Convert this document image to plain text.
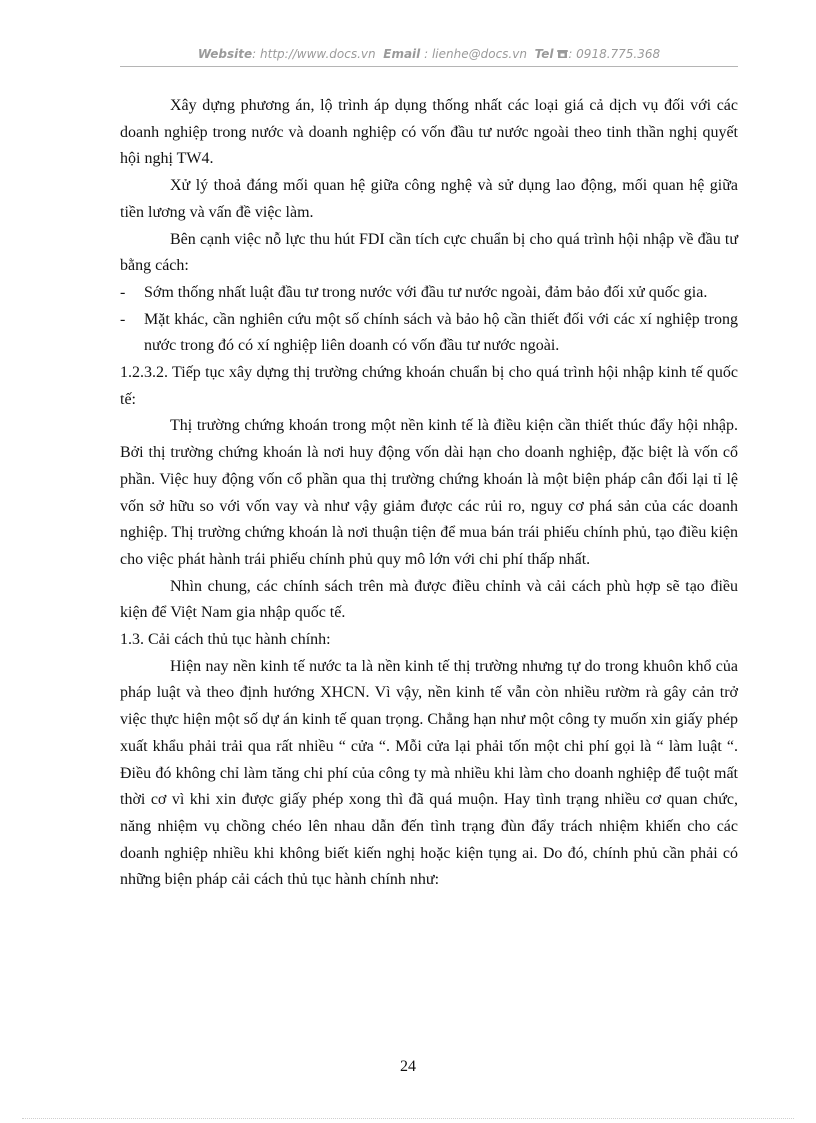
Website: http://www.docs.vn Email : lienhe@docs.vn Tel : 0918.775.368

Xây dựng phương án, lộ trình áp dụng thống nhất các loại giá cả dịch vụ đối với các doanh nghiệp trong nước và doanh nghiệp có vốn đầu tư nước ngoài theo tinh thần nghị quyết hội nghị TW4.

Xử lý thoả đáng mối quan hệ giữa công nghệ và sử dụng lao động, mối quan hệ giữa tiền lương và vấn đề việc làm.

Bên cạnh việc nỗ lực thu hút FDI cần tích cực chuẩn bị cho quá trình hội nhập về đầu tư bằng cách:

- Sớm thống nhất luật đầu tư trong nước với đầu tư nước ngoài, đảm bảo đối xử quốc gia.

- Mặt khác, cần nghiên cứu một số chính sách và bảo hộ cần thiết đối với các xí nghiệp trong nước trong đó có xí nghiệp liên doanh có vốn đầu tư nước ngoài.

1.2.3.2. Tiếp tục xây dựng thị trường chứng khoán chuẩn bị cho quá trình hội nhập kinh tế quốc tế:

Thị trường chứng khoán trong một nền kinh tế là điều kiện cần thiết thúc đẩy hội nhập. Bởi thị trường chứng khoán là nơi huy động vốn dài hạn cho doanh nghiệp, đặc biệt là vốn cổ phần. Việc huy động vốn cổ phần qua thị trường chứng khoán là một biện pháp cân đối lại tỉ lệ vốn sở hữu so với vốn vay và như vậy giảm được các rủi ro, nguy cơ phá sản của các doanh nghiệp. Thị trường chứng khoán là nơi thuận tiện để mua bán trái phiếu chính phủ, tạo điều kiện cho việc phát hành trái phiếu chính phủ quy mô lớn với chi phí thấp nhất.

Nhìn chung, các chính sách trên mà được điều chỉnh và cải cách phù hợp sẽ tạo điều kiện để Việt Nam gia nhập quốc tế.

1.3. Cải cách thủ tục hành chính:

Hiện nay nền kinh tế nước ta là nền kinh tế thị trường nhưng tự do trong khuôn khổ của pháp luật và theo định hướng XHCN. Vì vậy, nền kinh tế vẫn còn nhiều rườm rà gây cản trở việc thực hiện một số dự án kinh tế quan trọng. Chẳng hạn như một công ty muốn xin giấy phép xuất khẩu phải trải qua rất nhiều “ cửa “. Mỗi cửa lại phải tốn một chi phí gọi là “ làm luật “. Điều đó không chỉ làm tăng chi phí của công ty mà nhiều khi làm cho doanh nghiệp để tuột mất thời cơ vì khi xin được giấy phép xong thì đã quá muộn. Hay tình trạng nhiều cơ quan chức, năng nhiệm vụ chồng chéo lên nhau dẫn đến tình trạng đùn đẩy trách nhiệm khiến cho các doanh nghiệp nhiều khi không biết kiến nghị hoặc kiện tụng ai. Do đó, chính phủ cần phải có những biện pháp cải cách thủ tục hành chính như:

24
